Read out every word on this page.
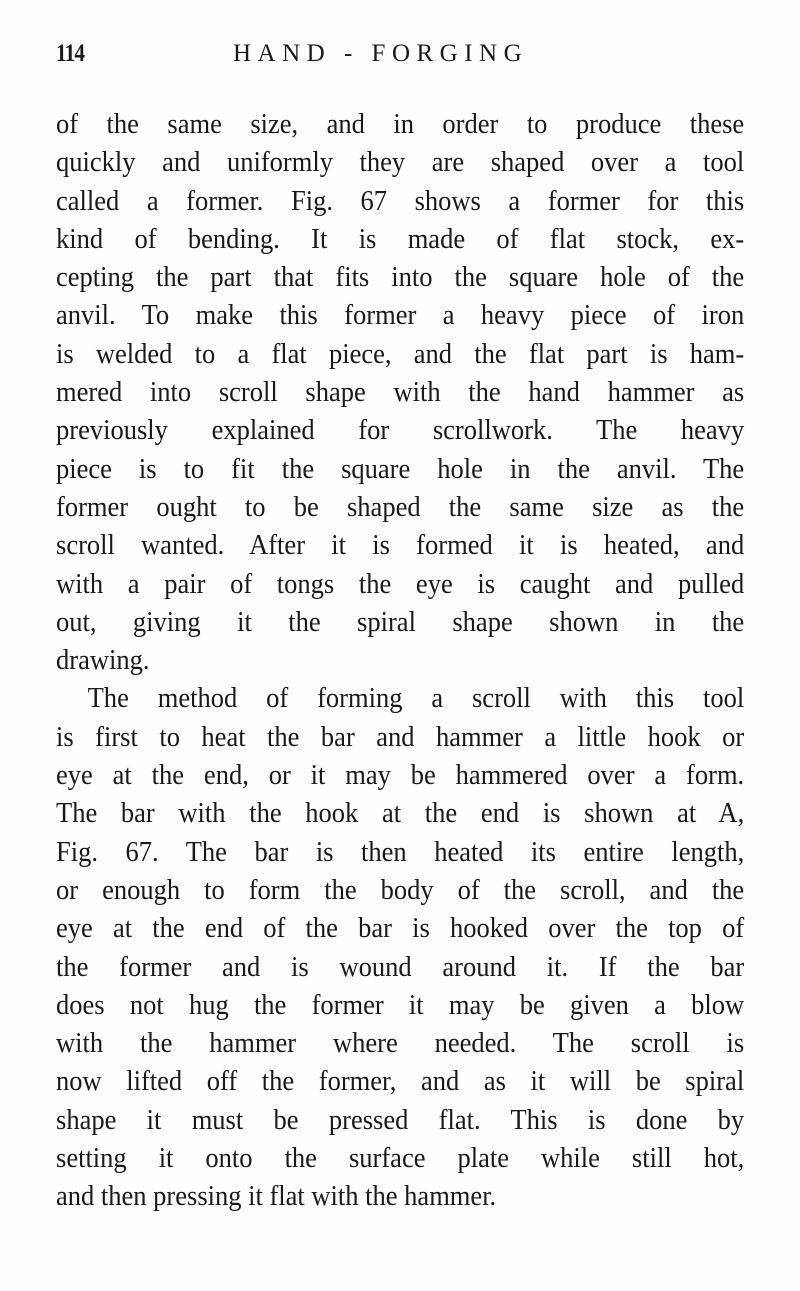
114	HAND - FORGING
of the same size, and in order to produce these
quickly and uniformly they are shaped over a tool
called a former. Fig. 67 shows a former for this
kind of bending. It is made of flat stock, ex-
cepting the part that fits into the square hole of the
anvil. To make this former a heavy piece of iron
is welded to a flat piece, and the flat part is ham-
mered into scroll shape with the hand hammer as
previously explained for scrollwork. The heavy
piece is to fit the square hole in the anvil. The
former ought to be shaped the same size as the
scroll wanted. After it is formed it is heated, and
with a pair of tongs the eye is caught and pulled
out, giving it the spiral shape shown in the
drawing.
The method of forming a scroll with this tool
is first to heat the bar and hammer a little hook or
eye at the end, or it may be hammered over a form.
The bar with the hook at the end is shown at A,
Fig. 67. The bar is then heated its entire length,
or enough to form the body of the scroll, and the
eye at the end of the bar is hooked over the top of
the former and is wound around it. If the bar
does not hug the former it may be given a blow
with the hammer where needed. The scroll is
now lifted off the former, and as it will be spiral
shape it must be pressed flat. This is done by
setting it onto the surface plate while still hot,
and then pressing it flat with the hammer.
